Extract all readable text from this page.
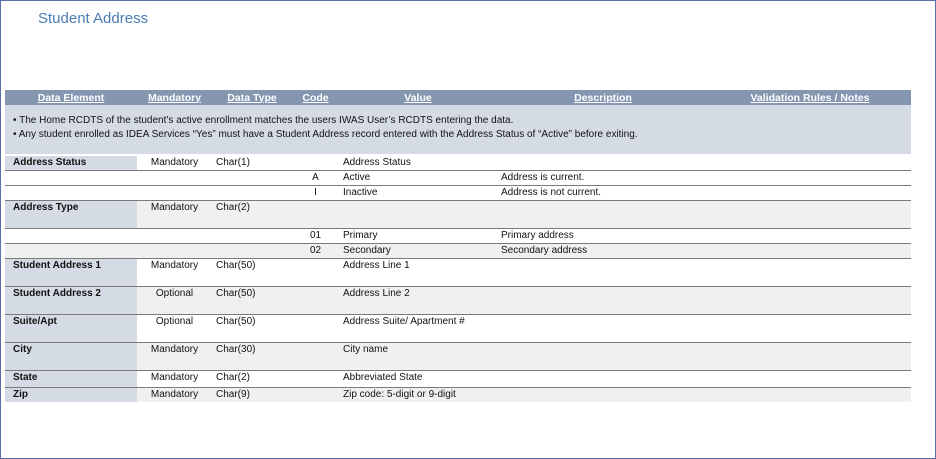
Student Address
Data Element	Mandatory	Data Type	Code	Value	Description	Validation Rules / Notes

• The Home RCDTS of the student’s active enrollment matches the users IWAS User’s RCDTS entering the data.
• Any student enrolled as IDEA Services “Yes” must have a Student Address record entered with the Address Status of “Active” before exiting.						

Address Status	Mandatory	Char(1)		Address Status		
			A	Active	Address is current.	
			I	Inactive	Address is not current.	
Address Type	Mandatory	Char(2)				
			01	Primary	Primary address	
			02	Secondary	Secondary address	
Student Address 1	Mandatory	Char(50)		Address Line 1		
Student Address 2	Optional	Char(50)		Address Line 2		
Suite/Apt	Optional	Char(50)		Address Suite/ Apartment #		
City	Mandatory	Char(30)		City name		
State	Mandatory	Char(2)		Abbreviated State		
Zip	Mandatory	Char(9)		Zip code: 5-digit or 9-digit		
